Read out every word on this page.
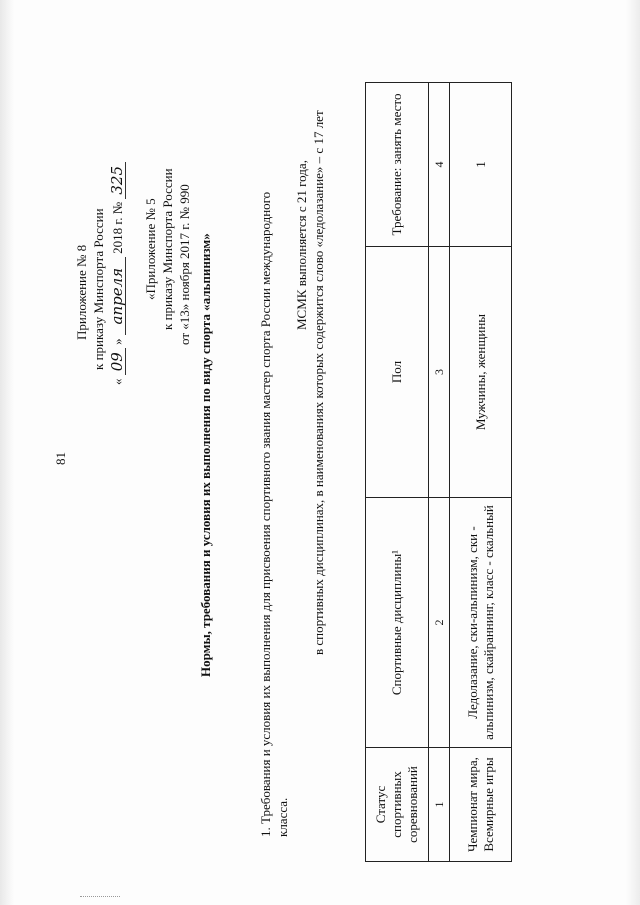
81
Приложение № 8 к приказу Минспорта России
« 09 » апреля 2018 г. № 325
«Приложение № 5 к приказу Минспорта России от «13» ноября 2017 г. № 990 Нормы, требования и условия их выполнения по виду спорта «альпинизм»	1. Требования и условия их выполнения для присвоения спортивного звания мастер спорта России международного класса.
МСМК выполняется с 21 года, в спортивных дисциплинах, в наименованиях которых содержится слово «ледолазание» – с 17 лет
Статус спортивных соревнований	Спортивные дисциплины¹	Пол	Требование: занять место
1	2	3	4
Чемпионат мира, Всемирные игры	Ледолазание, ски-альпинизм, ски - альпинизм, скайраннинг, класс - скальный	Мужчины, женщины	1
